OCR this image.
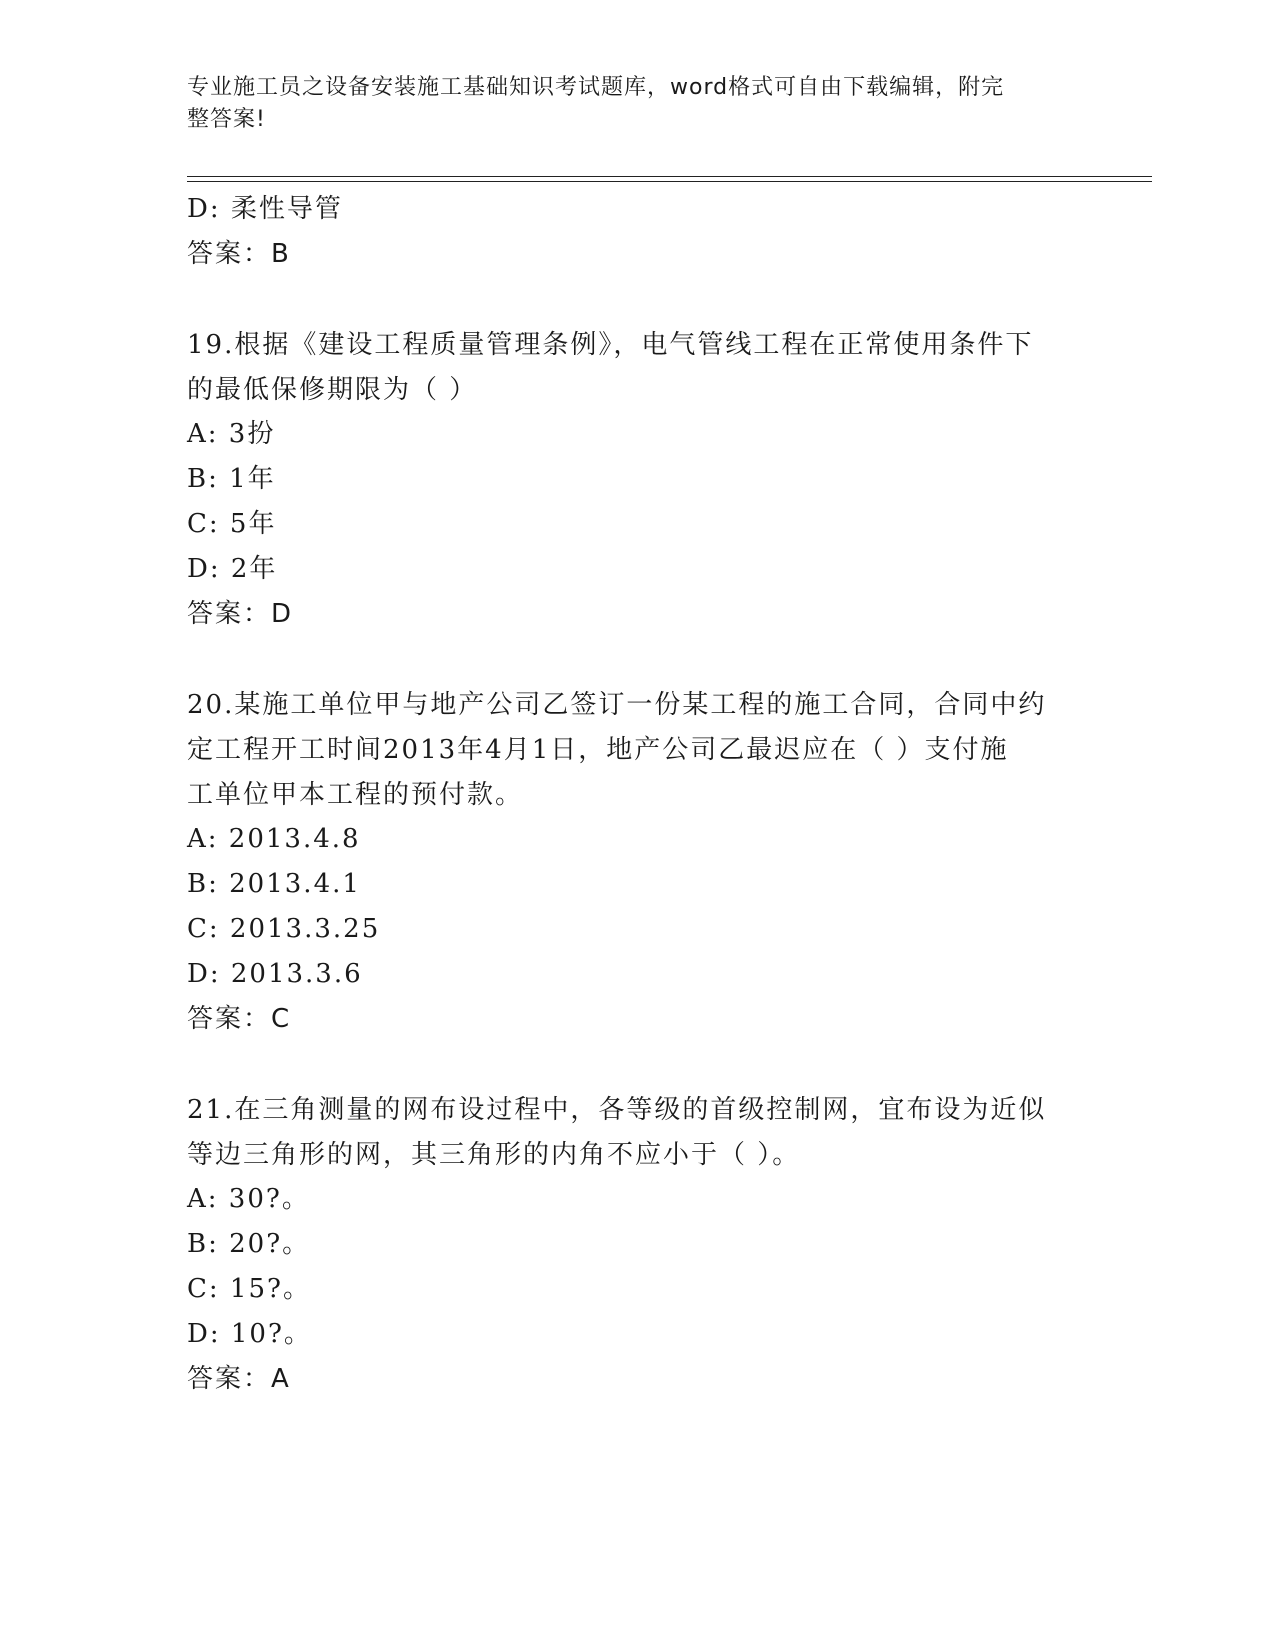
专业施工员之设备安装施工基础知识考试题库，word格式可自由下载编辑，附完
整答案!
D: 柔性导管
答案：B
19.根据《建设工程质量管理条例》，电气管线工程在正常使用条件下
的最低保修期限为（ ）
A: 3扮
B: 1年
C: 5年
D: 2年
答案：D
20.某施工单位甲与地产公司乙签订一份某工程的施工合同，合同中约
定工程开工时间2013年4月1日，地产公司乙最迟应在（ ）支付施
工单位甲本工程的预付款。
A: 2013.4.8
B: 2013.4.1
C: 2013.3.25
D: 2013.3.6
答案：C
21.在三角测量的网布设过程中，各等级的首级控制网，宜布设为近似
等边三角形的网，其三角形的内角不应小于（ ）。
A: 30?。
B: 20?。
C: 15?。
D: 10?。
答案：A
